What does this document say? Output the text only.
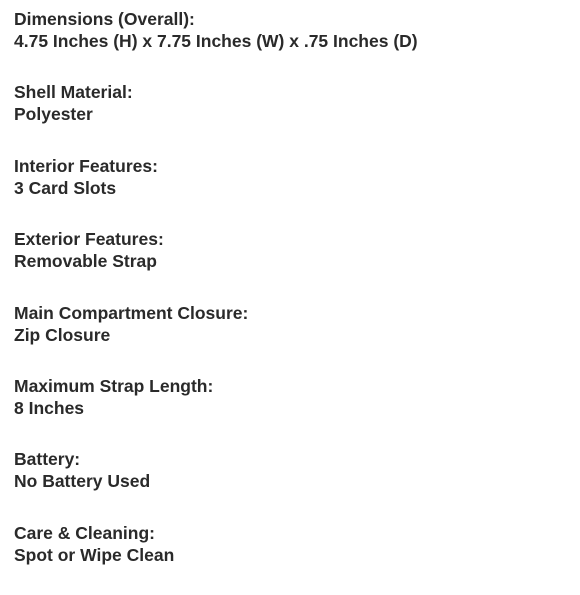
Dimensions (Overall):
4.75 Inches (H) x 7.75 Inches (W) x .75 Inches (D)
Shell Material:
Polyester
Interior Features:
3 Card Slots
Exterior Features:
Removable Strap
Main Compartment Closure:
Zip Closure
Maximum Strap Length:
8 Inches
Battery:
No Battery Used
Care & Cleaning:
Spot or Wipe Clean
